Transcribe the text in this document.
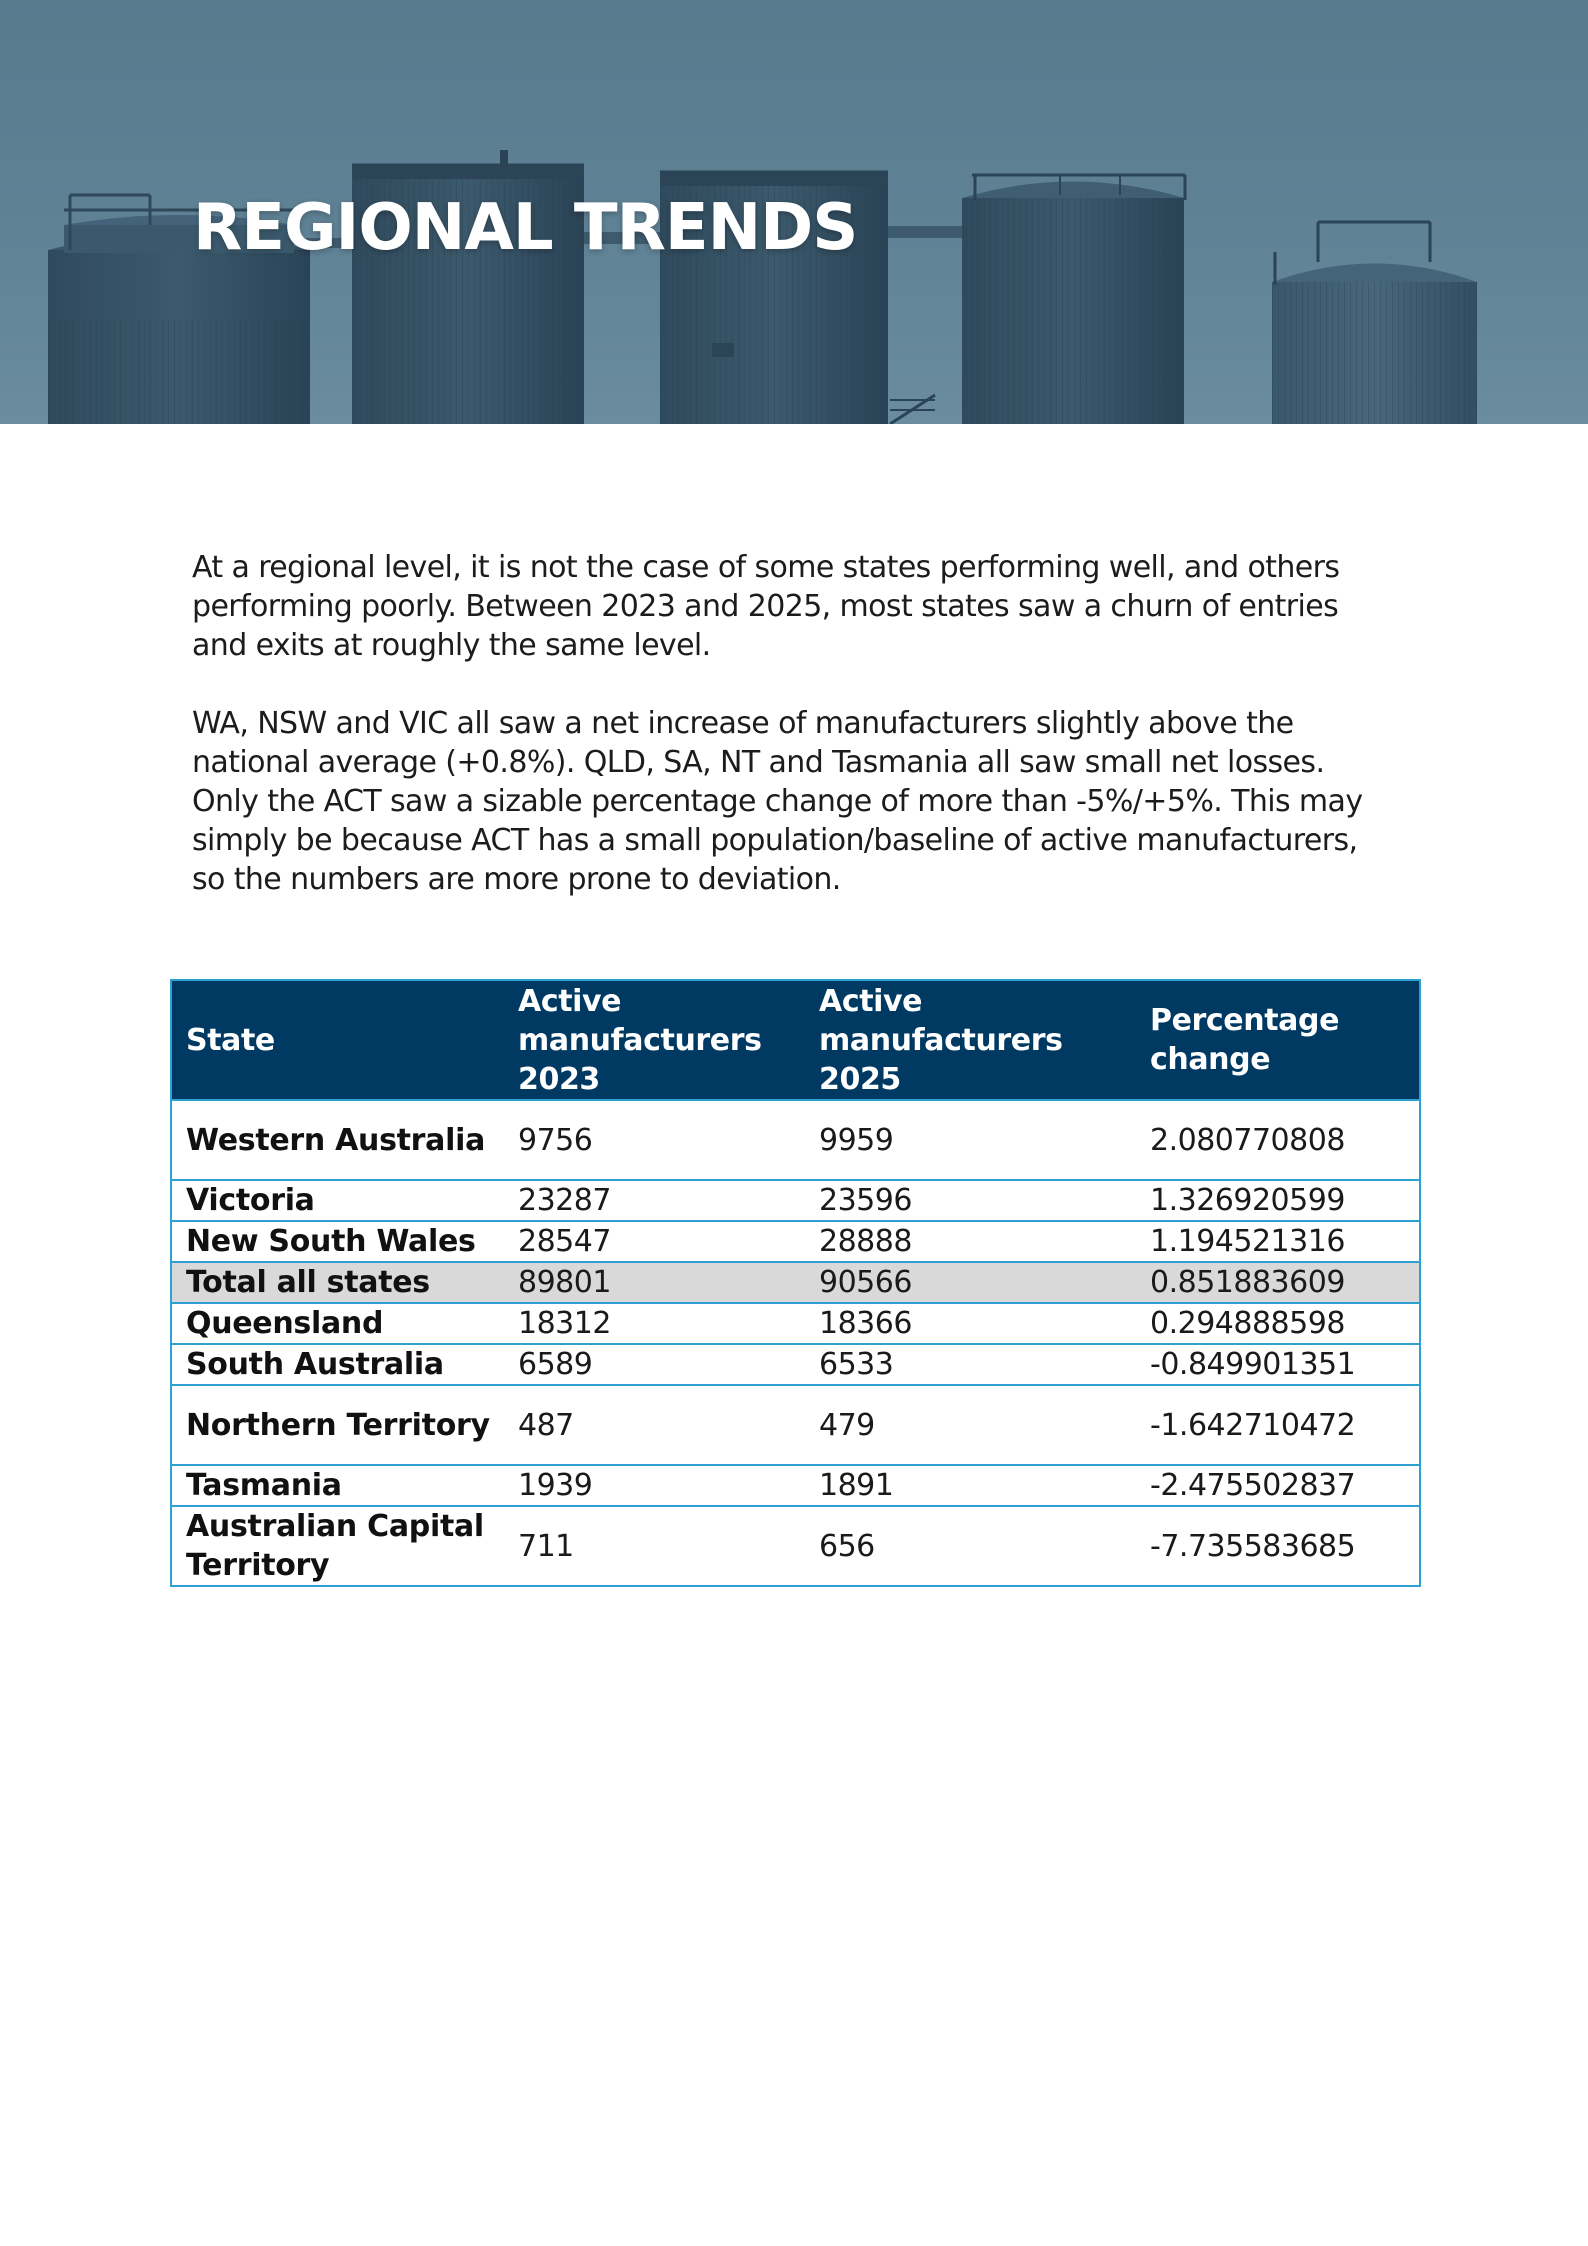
REGIONAL TRENDS

At a regional level, it is not the case of some states performing well, and others performing poorly. Between 2023 and 2025, most states saw a churn of entries and exits at roughly the same level.

WA, NSW and VIC all saw a net increase of manufacturers slightly above the national average (+0.8%). QLD, SA, NT and Tasmania all saw small net losses. Only the ACT saw a sizable percentage change of more than -5%/+5%. This may simply be because ACT has a small population/baseline of active manufacturers, so the numbers are more prone to deviation.

State	Active manufacturers 2023	Active manufacturers 2025	Percentage change
Western Australia	9756	9959	2.080770808
Victoria	23287	23596	1.326920599
New South Wales	28547	28888	1.194521316
Total all states	89801	90566	0.851883609
Queensland	18312	18366	0.294888598
South Australia	6589	6533	-0.849901351
Northern Territory	487	479	-1.642710472
Tasmania	1939	1891	-2.475502837
Australian Capital Territory	711	656	-7.735583685
